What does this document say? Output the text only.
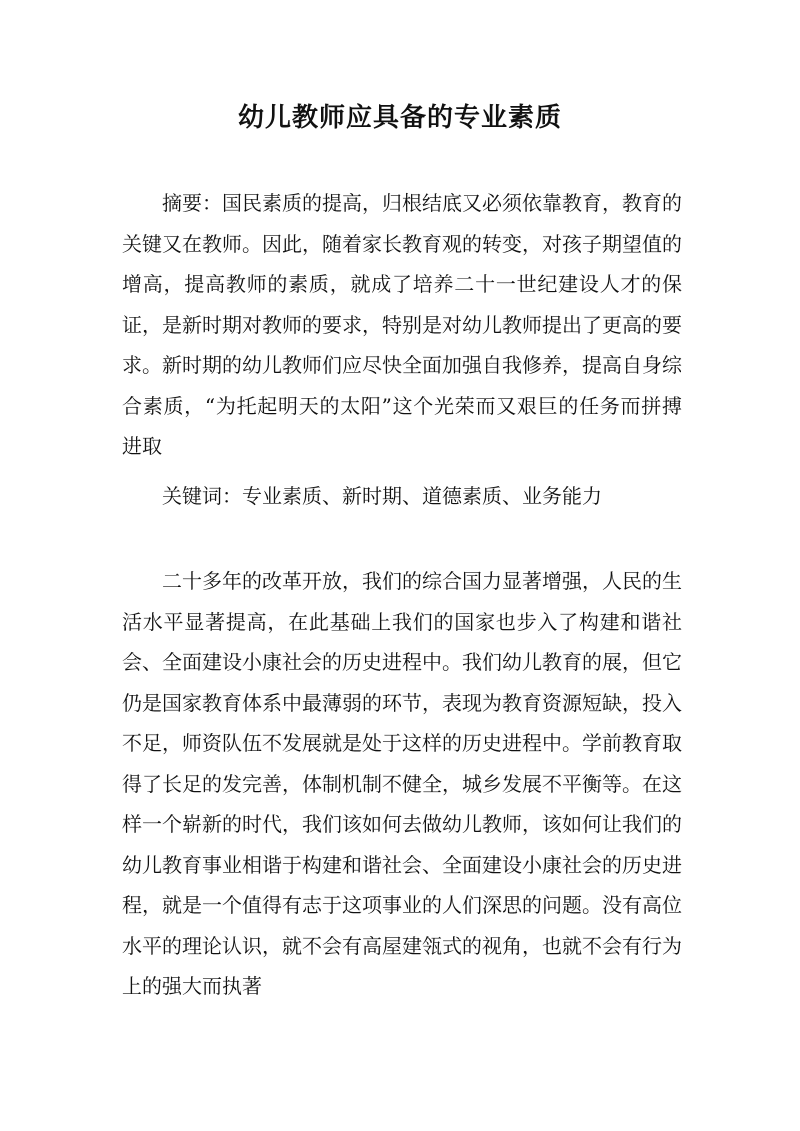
幼儿教师应具备的专业素质

摘要：国民素质的提高，归根结底又必须依靠教育，教育的关键又在教师。因此，随着家长教育观的转变，对孩子期望值的增高，提高教师的素质，就成了培养二十一世纪建设人才的保证，是新时期对教师的要求，特别是对幼儿教师提出了更高的要求。新时期的幼儿教师们应尽快全面加强自我修养，提高自身综合素质，“为托起明天的太阳”这个光荣而又艰巨的任务而拼搏进取

关键词：专业素质、新时期、道德素质、业务能力

二十多年的改革开放，我们的综合国力显著增强，人民的生活水平显著提高，在此基础上我们的国家也步入了构建和谐社会、全面建设小康社会的历史进程中。我们幼儿教育的展，但它仍是国家教育体系中最薄弱的环节，表现为教育资源短缺，投入不足，师资队伍不发展就是处于这样的历史进程中。学前教育取得了长足的发完善，体制机制不健全，城乡发展不平衡等。在这样一个崭新的时代，我们该如何去做幼儿教师，该如何让我们的幼儿教育事业相谐于构建和谐社会、全面建设小康社会的历史进程，就是一个值得有志于这项事业的人们深思的问题。没有高位水平的理论认识，就不会有高屋建瓴式的视角，也就不会有行为上的强大而执著
